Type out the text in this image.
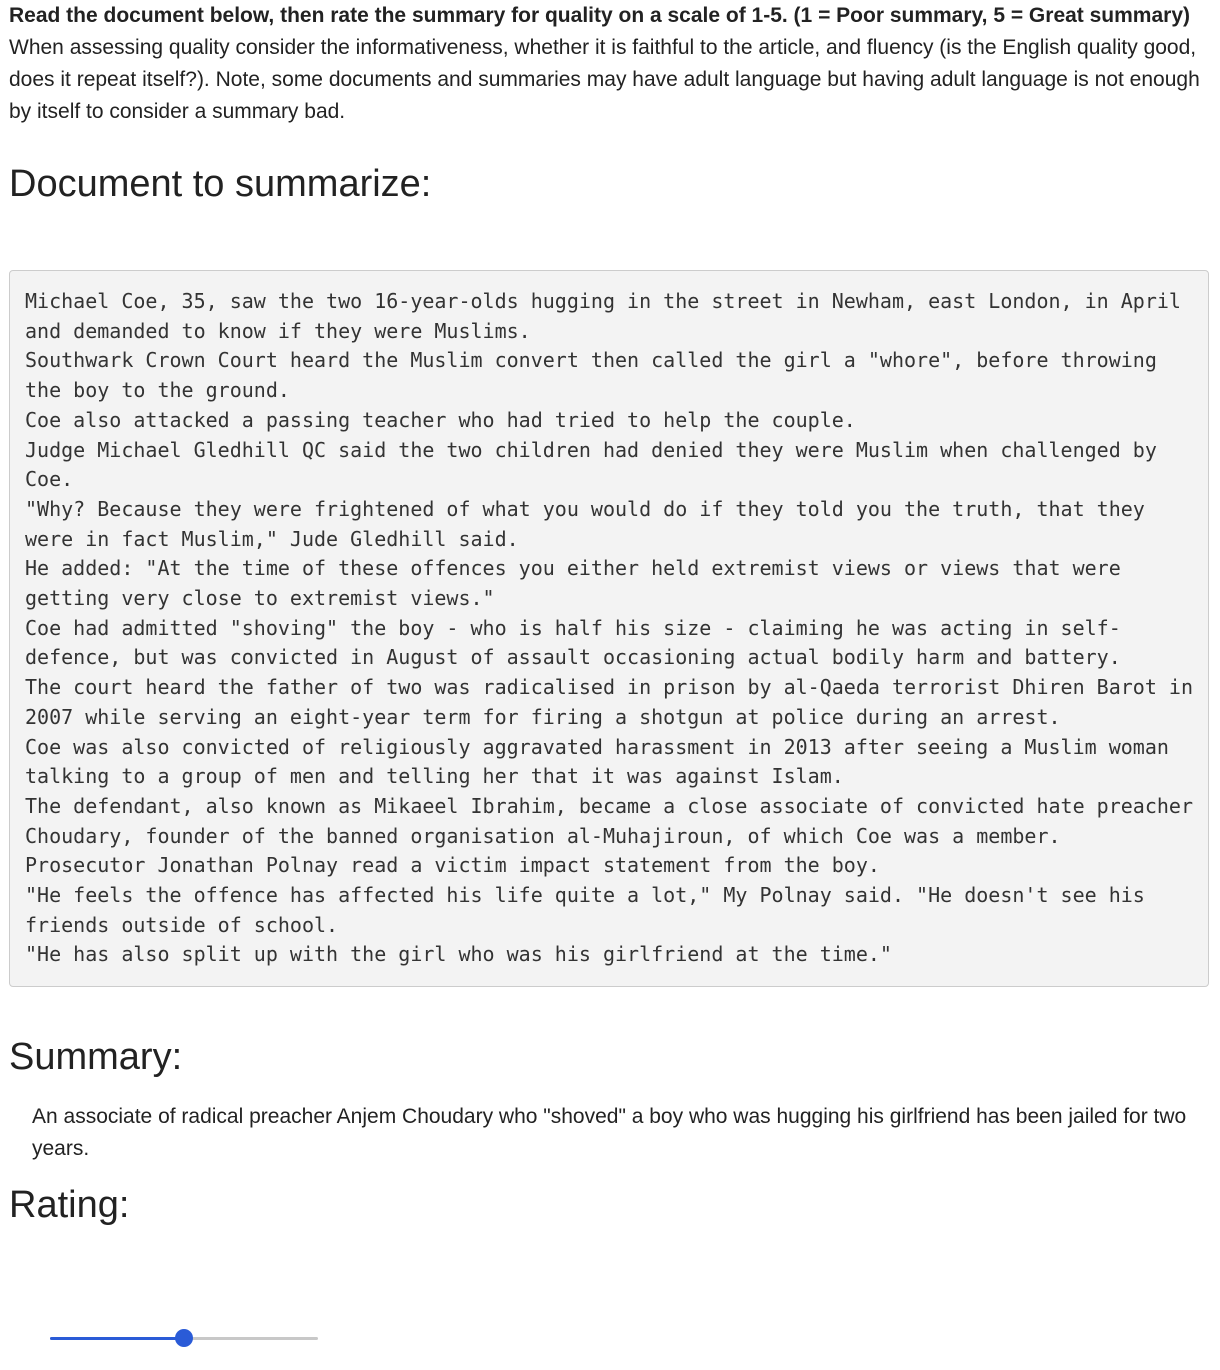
Read the document below, then rate the summary for quality on a scale of 1-5. (1 = Poor summary, 5 = Great summary)
When assessing quality consider the informativeness, whether it is faithful to the article, and fluency (is the English quality good, does it repeat itself?). Note, some documents and summaries may have adult language but having adult language is not enough by itself to consider a summary bad.

Document to summarize:
Michael Coe, 35, saw the two 16-year-olds hugging in the street in Newham, east London, in April and demanded to know if they were Muslims.
Southwark Crown Court heard the Muslim convert then called the girl a "whore", before throwing the boy to the ground.
Coe also attacked a passing teacher who had tried to help the couple.
Judge Michael Gledhill QC said the two children had denied they were Muslim when challenged by Coe.
"Why? Because they were frightened of what you would do if they told you the truth, that they were in fact Muslim," Jude Gledhill said.
He added: "At the time of these offences you either held extremist views or views that were getting very close to extremist views."
Coe had admitted "shoving" the boy - who is half his size - claiming he was acting in self-defence, but was convicted in August of assault occasioning actual bodily harm and battery.
The court heard the father of two was radicalised in prison by al-Qaeda terrorist Dhiren Barot in 2007 while serving an eight-year term for firing a shotgun at police during an arrest.
Coe was also convicted of religiously aggravated harassment in 2013 after seeing a Muslim woman talking to a group of men and telling her that it was against Islam.
The defendant, also known as Mikaeel Ibrahim, became a close associate of convicted hate preacher Choudary, founder of the banned organisation al-Muhajiroun, of which Coe was a member.
Prosecutor Jonathan Polnay read a victim impact statement from the boy.
"He feels the offence has affected his life quite a lot," My Polnay said. "He doesn't see his friends outside of school.
"He has also split up with the girl who was his girlfriend at the time."
Summary:

An associate of radical preacher Anjem Choudary who "shoved" a boy who was hugging his girlfriend has been jailed for two years.

Rating:
